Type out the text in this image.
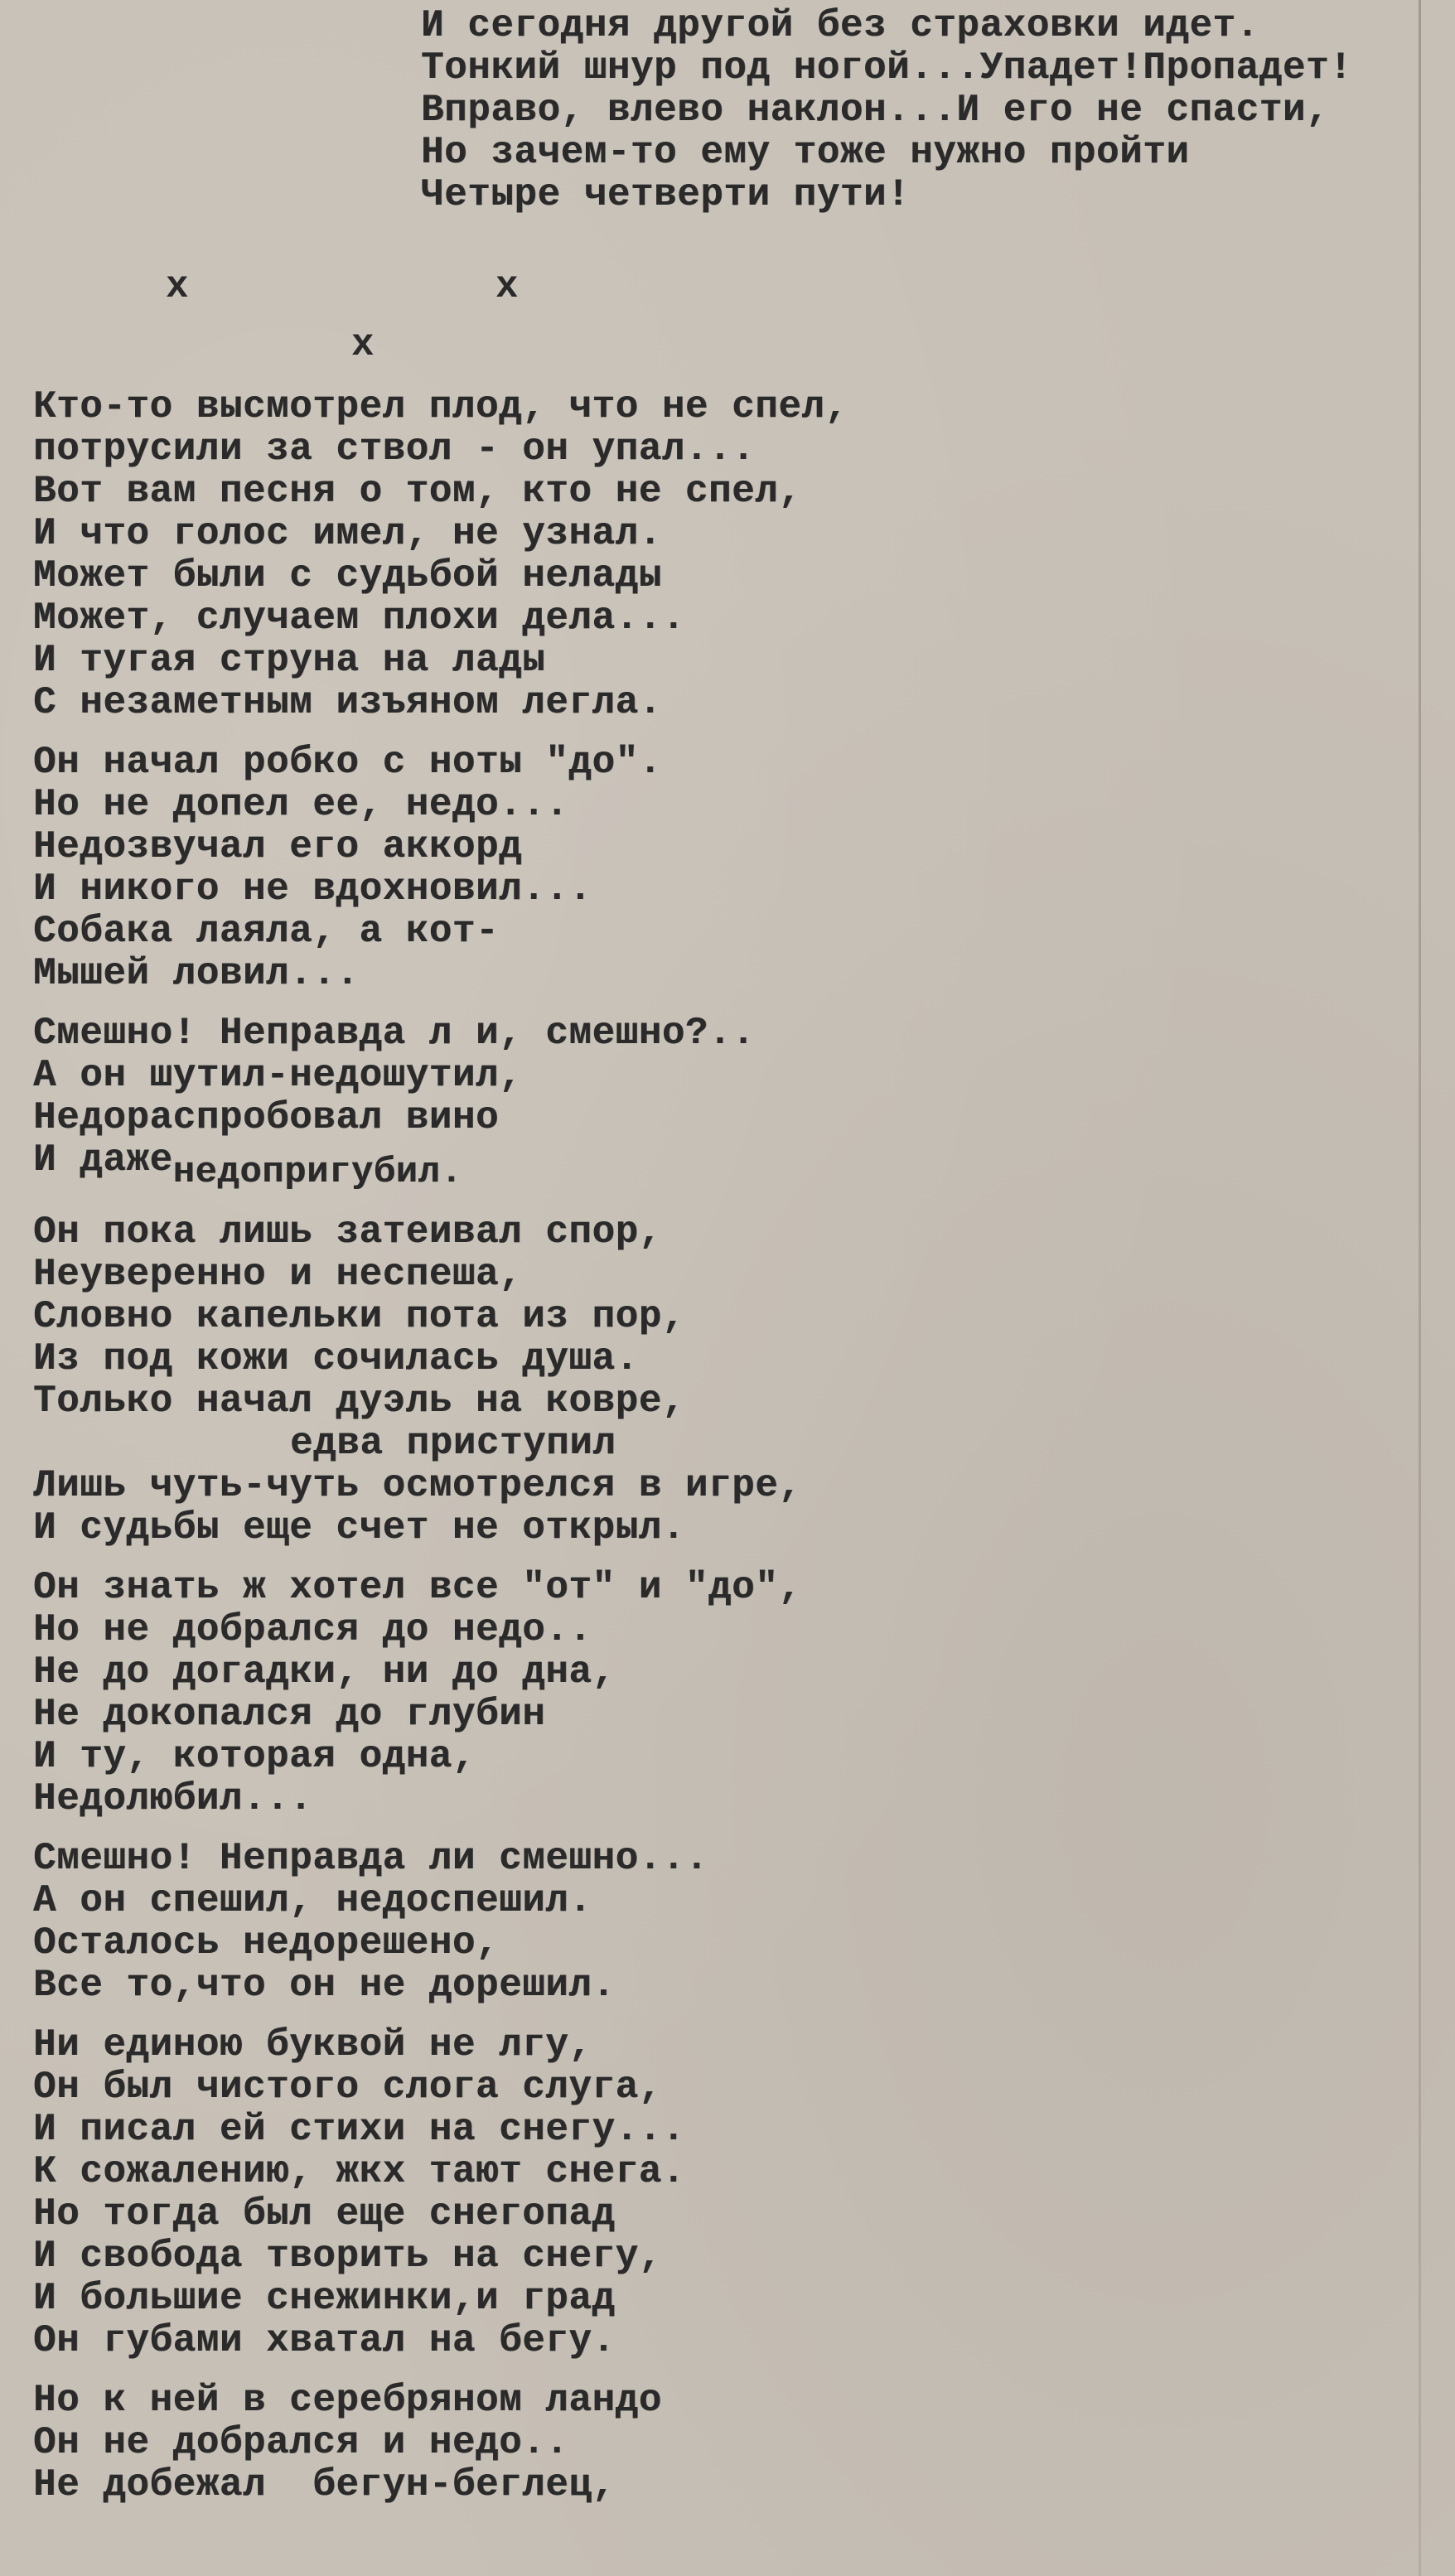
И сегодня другой без страховки идет.
Тонкий шнур под ногой...Упадет!Пропадет!
Вправо, влево наклон...И его не спасти,
Но зачем-то ему тоже нужно пройти
Четыре четверти пути!
х	х
х
Кто-то высмотрел плод, что не спел,
потрусили за ствол - он упал...
Вот вам песня о том, кто не спел,
И что голос имел, не узнал.
Может были с судьбой нелады
Может, случаем плохи дела...
И тугая струна на лады
С незаметным изъяном легла.
Он начал робко с ноты "до".
Но не допел ее, недо...
Недозвучал его аккорд
И никого не вдохновил...
Собака лаяла, а кот-
Мышей ловил...
Смешно! Неправда л и, смешно?..
А он шутил-недошутил,
Недораспробовал вино
И даженедопригубил.
Он пока лишь затеивал спор,
Неуверенно и неспеша,
Словно капельки пота из пор,
Из под кожи сочилась душа.
Только начал дуэль на ковре,
едва приступил
Лишь чуть-чуть осмотрелся в игре,
И судьбы еще счет не открыл.
Он знать ж хотел все "от" и "до",
Но не добрался до недо..
Не до догадки, ни до дна,
Не докопался до глубин
И ту, которая одна,
Недолюбил...
Смешно! Неправда ли смешно...
А он спешил, недоспешил.
Осталось недорешено,
Все то,что он не дорешил.
Ни единою буквой не лгу,
Он был чистого слога слуга,
И писал ей стихи на снегу...
К сожалению, жкх тают снега.
Но тогда был еще снегопад
И свобода творить на снегу,
И большие снежинки,и град
Он губами хватал на бегу.
Но к ней в серебряном ландо
Он не добрался и недо..
Не добежал  бегун-беглец,
